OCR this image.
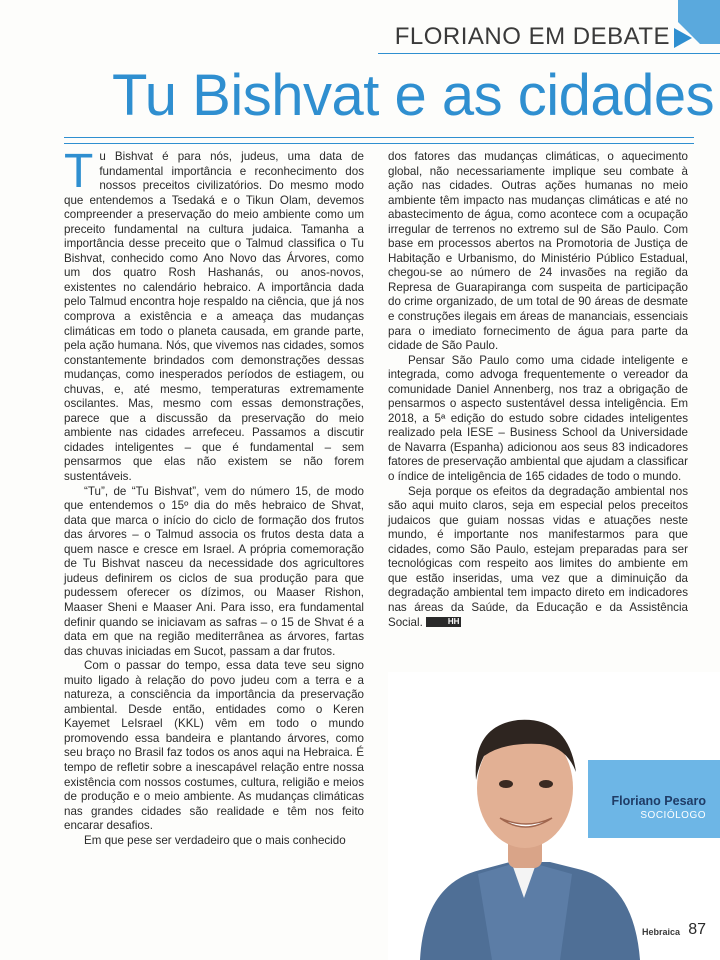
FLORIANO EM DEBATE
Tu Bishvat e as cidades

Tu Bishvat é para nós, judeus, uma data de fundamental importância e reconhecimento dos nossos preceitos civilizatórios. Do mesmo modo que entendemos a Tsedaká e o Tikun Olam, devemos compreender a preservação do meio ambiente como um preceito fundamental na cultura judaica. Tamanha a importância desse preceito que o Talmud classifica o Tu Bishvat, conhecido como Ano Novo das Árvores, como um dos quatro Rosh Hashanás, ou anos-novos, existentes no calendário hebraico. A importância dada pelo Talmud encontra hoje respaldo na ciência, que já nos comprova a existência e a ameaça das mudanças climáticas em todo o planeta causada, em grande parte, pela ação humana. Nós, que vivemos nas cidades, somos constantemente brindados com demonstrações dessas mudanças, como inesperados períodos de estiagem, ou chuvas, e, até mesmo, temperaturas extremamente oscilantes. Mas, mesmo com essas demonstrações, parece que a discussão da preservação do meio ambiente nas cidades arrefeceu. Passamos a discutir cidades inteligentes – que é fundamental – sem pensarmos que elas não existem se não forem sustentáveis.

“Tu”, de “Tu Bishvat”, vem do número 15, de modo que entendemos o 15º dia do mês hebraico de Shvat, data que marca o início do ciclo de formação dos frutos das árvores – o Talmud associa os frutos desta data a quem nasce e cresce em Israel. A própria comemoração de Tu Bishvat nasceu da necessidade dos agricultores judeus definirem os ciclos de sua produção para que pudessem oferecer os dízimos, ou Maaser Rishon, Maaser Sheni e Maaser Ani. Para isso, era fundamental definir quando se iniciavam as safras – o 15 de Shvat é a data em que na região mediterrânea as árvores, fartas das chuvas iniciadas em Sucot, passam a dar frutos.

Com o passar do tempo, essa data teve seu signo muito ligado à relação do povo judeu com a terra e a natureza, a consciência da importância da preservação ambiental. Desde então, entidades como o Keren Kayemet LeIsrael (KKL) vêm em todo o mundo promovendo essa bandeira e plantando árvores, como seu braço no Brasil faz todos os anos aqui na Hebraica. É tempo de refletir sobre a inescapável relação entre nossa existência com nossos costumes, cultura, religião e meios de produção e o meio ambiente. As mudanças climáticas nas grandes cidades são realidade e têm nos feito encarar desafios.

Em que pese ser verdadeiro que o mais conhecido

dos fatores das mudanças climáticas, o aquecimento global, não necessariamente implique seu combate à ação nas cidades. Outras ações humanas no meio ambiente têm impacto nas mudanças climáticas e até no abastecimento de água, como acontece com a ocupação irregular de terrenos no extremo sul de São Paulo. Com base em processos abertos na Promotoria de Justiça de Habitação e Urbanismo, do Ministério Público Estadual, chegou-se ao número de 24 invasões na região da Represa de Guarapiranga com suspeita de participação do crime organizado, de um total de 90 áreas de desmate e construções ilegais em áreas de mananciais, essenciais para o imediato fornecimento de água para parte da cidade de São Paulo.

Pensar São Paulo como uma cidade inteligente e integrada, como advoga frequentemente o vereador da comunidade Daniel Annenberg, nos traz a obrigação de pensarmos o aspecto sustentável dessa inteligência. Em 2018, a 5ª edição do estudo sobre cidades inteligentes realizado pela IESE – Business School da Universidade de Navarra (Espanha) adicionou aos seus 83 indicadores fatores de preservação ambiental que ajudam a classificar o índice de inteligência de 165 cidades de todo o mundo.

Seja porque os efeitos da degradação ambiental nos são aqui muito claros, seja em especial pelos preceitos judaicos que guiam nossas vidas e atuações neste mundo, é importante nos manifestarmos para que cidades, como São Paulo, estejam preparadas para ser tecnológicas com respeito aos limites do ambiente em que estão inseridas, uma vez que a diminuição da degradação ambiental tem impacto direto em indicadores nas áreas da Saúde, da Educação e da Assistência Social.	HH

Floriano Pesaro
SOCIÓLOGO
Hebraica 87
